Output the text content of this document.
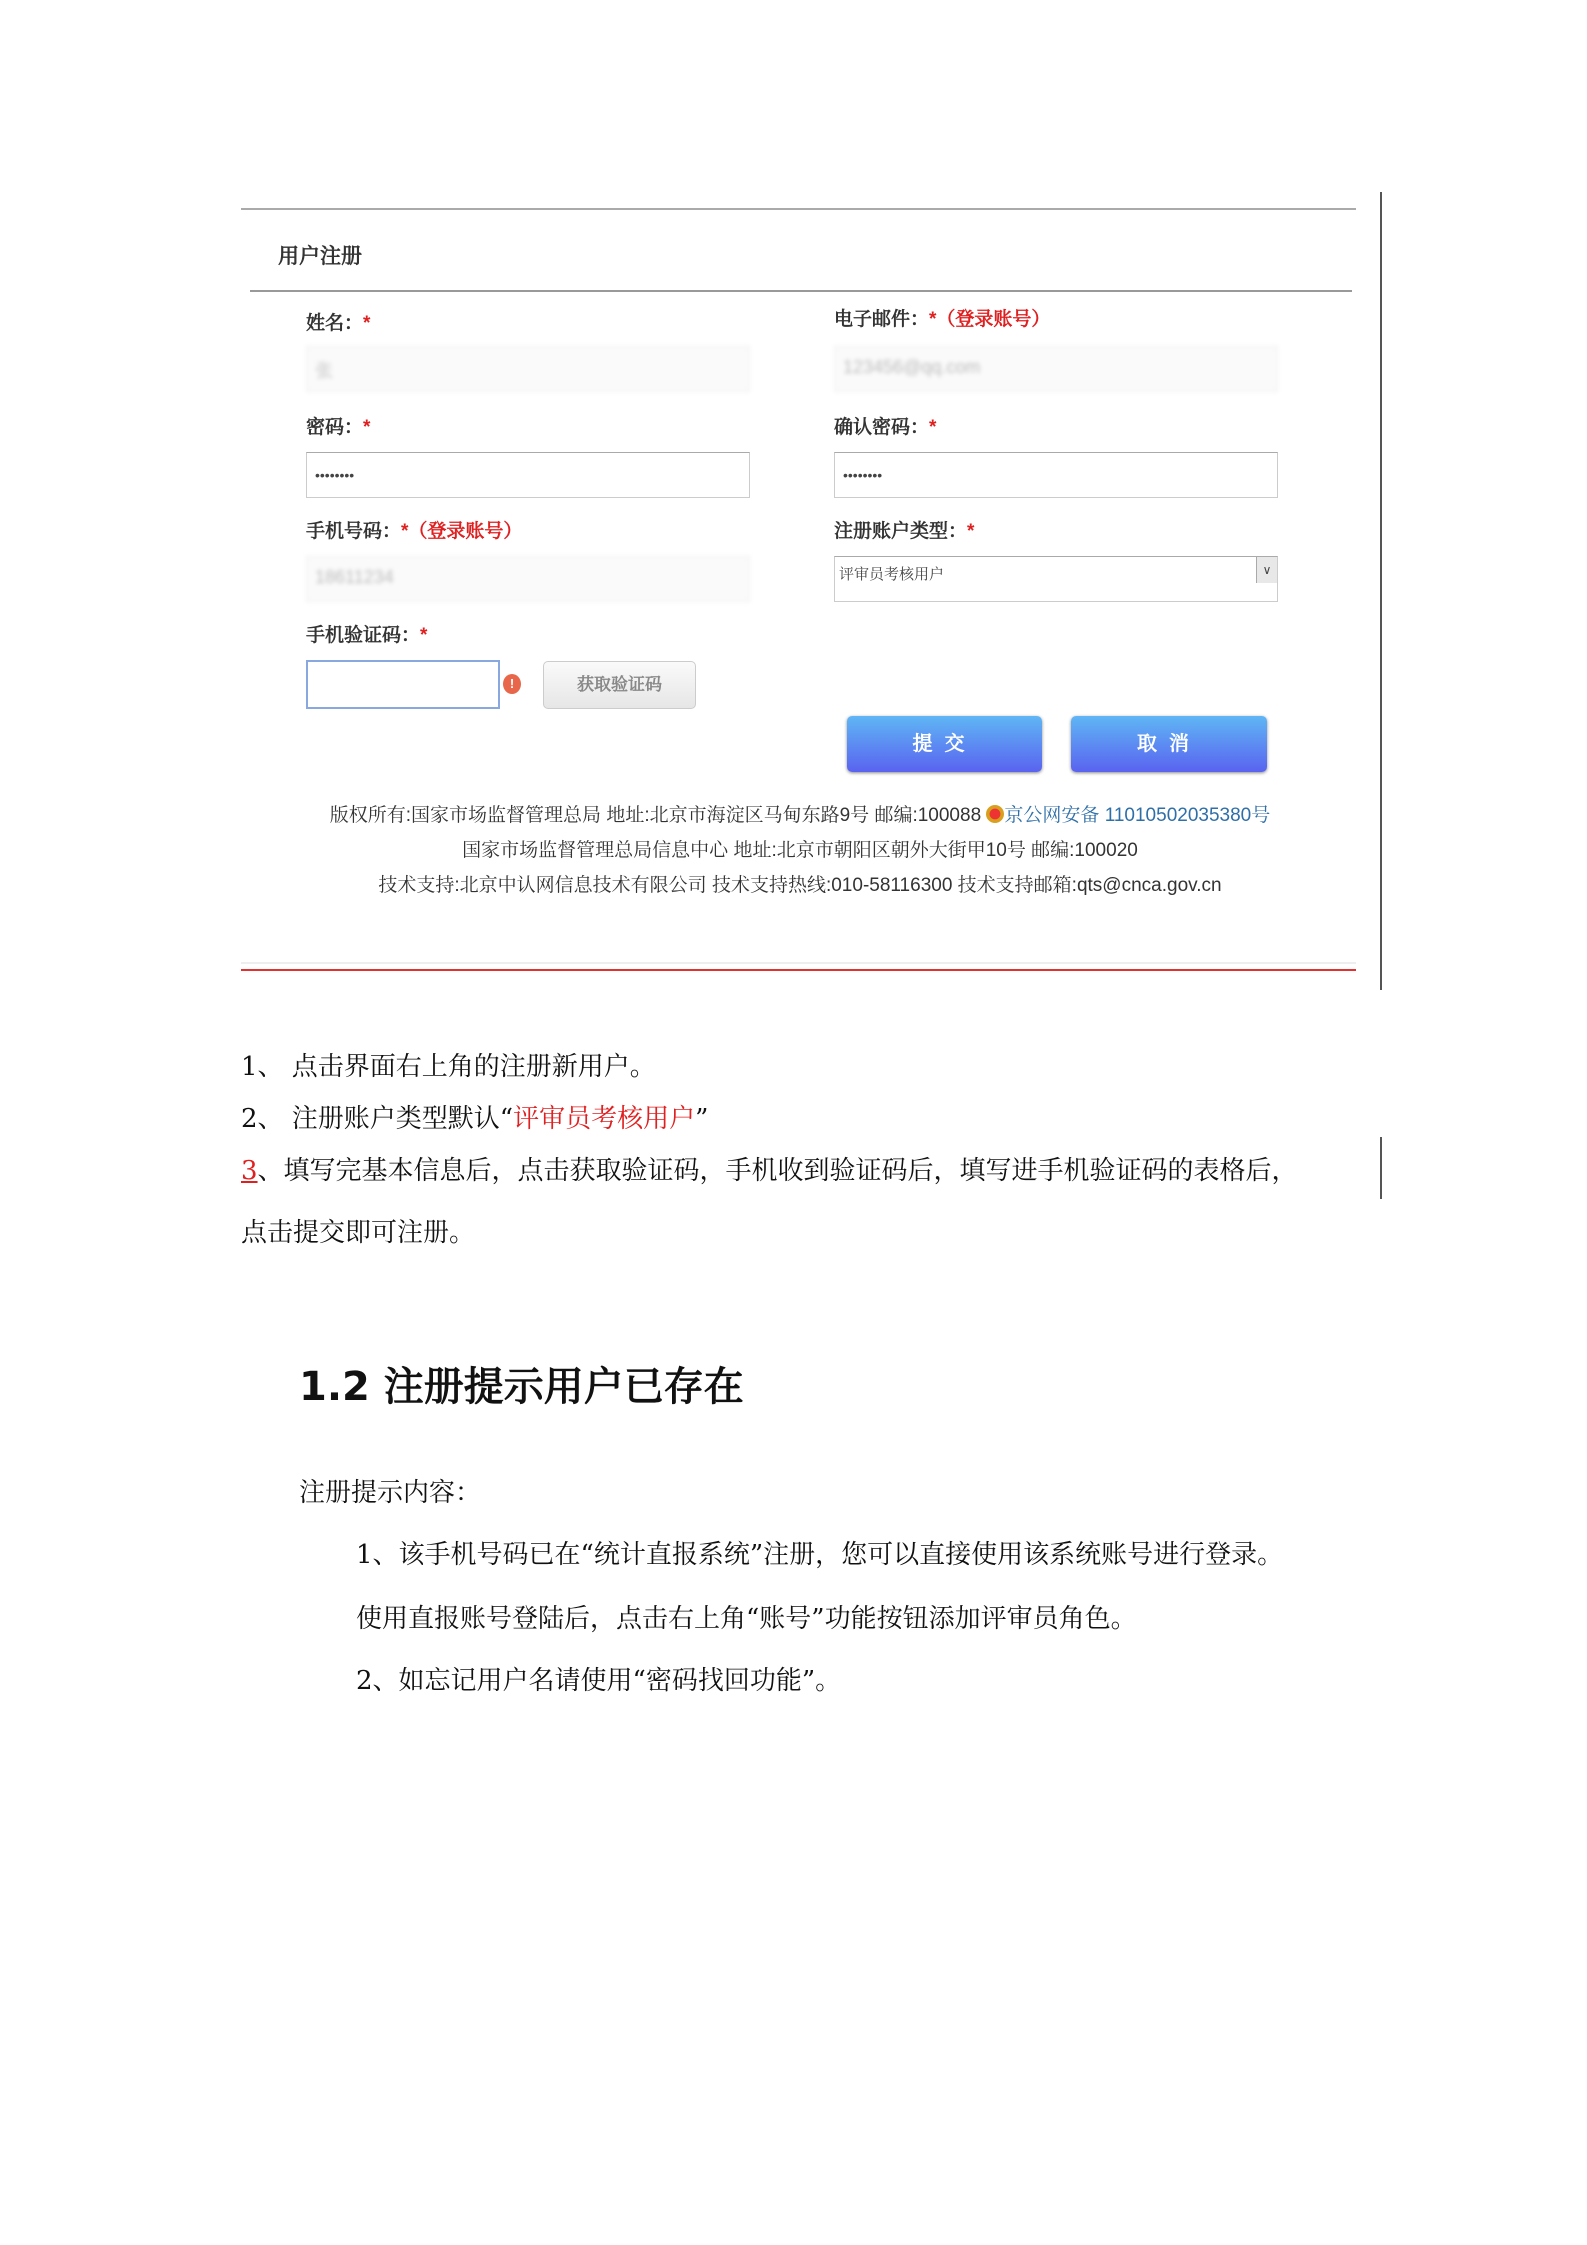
用户注册
姓名：*
张
电子邮件：*（登录账号）
123456@qq.com
密码：*
••••••••
确认密码：*
••••••••
手机号码：*（登录账号）
18611234
注册账户类型：*
评审员考核用户	∨
手机验证码：*
!	获取验证码
提交	取消
版权所有:国家市场监督管理总局 地址:北京市海淀区马甸东路9号 邮编:100088 京公网安备 11010502035380号
国家市场监督管理总局信息中心 地址:北京市朝阳区朝外大街甲10号 邮编:100020
技术支持:北京中认网信息技术有限公司 技术支持热线:010-58116300 技术支持邮箱:qts@cnca.gov.cn
1、 点击界面右上角的注册新用户。
2、 注册账户类型默认“评审员考核用户”
3、填写完基本信息后，点击获取验证码，手机收到验证码后，填写进手机验证码的表格后，
点击提交即可注册。
1.2 注册提示用户已存在
注册提示内容：
1、该手机号码已在“统计直报系统”注册，您可以直接使用该系统账号进行登录。
使用直报账号登陆后，点击右上角“账号”功能按钮添加评审员角色。
2、如忘记用户名请使用“密码找回功能”。
